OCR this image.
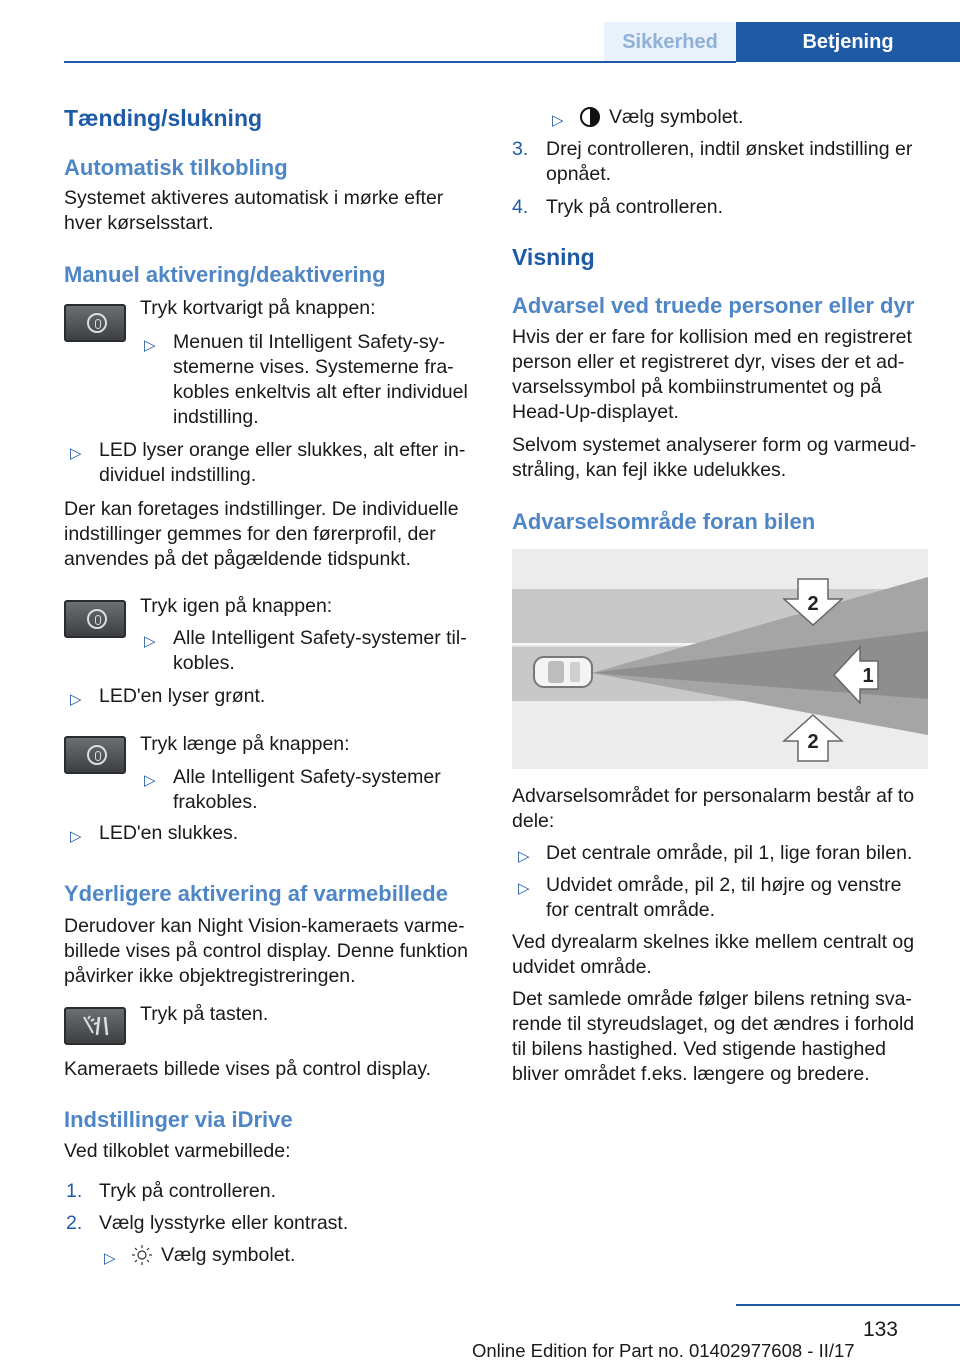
Sikkerhed	Betjening
Tænding/slukning
Automatisk tilkobling
Systemet aktiveres automatisk i mørke efter
hver kørselsstart.
Manuel aktivering/deaktivering
Tryk kortvarigt på knappen:
▷ Menuen til Intelligent Safety-sy-
stemerne vises. Systemerne fra-
kobles enkeltvis alt efter individuel
indstilling.
▷ LED lyser orange eller slukkes, alt efter in-
dividuel indstilling.
Der kan foretages indstillinger. De individuelle
indstillinger gemmes for den førerprofil, der
anvendes på det pågældende tidspunkt.
Tryk igen på knappen:
▷ Alle Intelligent Safety-systemer til-
kobles.
▷ LED'en lyser grønt.
Tryk længe på knappen:
▷ Alle Intelligent Safety-systemer
frakobles.
▷ LED'en slukkes.
Yderligere aktivering af varmebillede
Derudover kan Night Vision-kameraets varme-
billede vises på control display. Denne funktion
påvirker ikke objektregistreringen.
Tryk på tasten.
Kameraets billede vises på control display.
Indstillinger via iDrive
Ved tilkoblet varmebillede:
1. Tryk på controlleren.
2. Vælg lysstyrke eller kontrast.
▷ Vælg symbolet.
▷ Vælg symbolet.
3. Drej controlleren, indtil ønsket indstilling er
opnået.
4. Tryk på controlleren.
Visning
Advarsel ved truede personer eller dyr
Hvis der er fare for kollision med en registreret
person eller et registreret dyr, vises der et ad-
varselssymbol på kombiinstrumentet og på
Head-Up-displayet.
Selvom systemet analyserer form og varmeud-
stråling, kan fejl ikke udelukkes.
Advarselsområde foran bilen
2
1
2
Advarselsområdet for personalarm består af to
dele:
▷ Det centrale område, pil 1, lige foran bilen.
▷ Udvidet område, pil 2, til højre og venstre
for centralt område.
Ved dyrealarm skelnes ikke mellem centralt og
udvidet område.
Det samlede område følger bilens retning sva-
rende til styreudslaget, og det ændres i forhold
til bilens hastighed. Ved stigende hastighed
bliver området f.eks. længere og bredere.
133
Online Edition for Part no. 01402977608 - II/17
